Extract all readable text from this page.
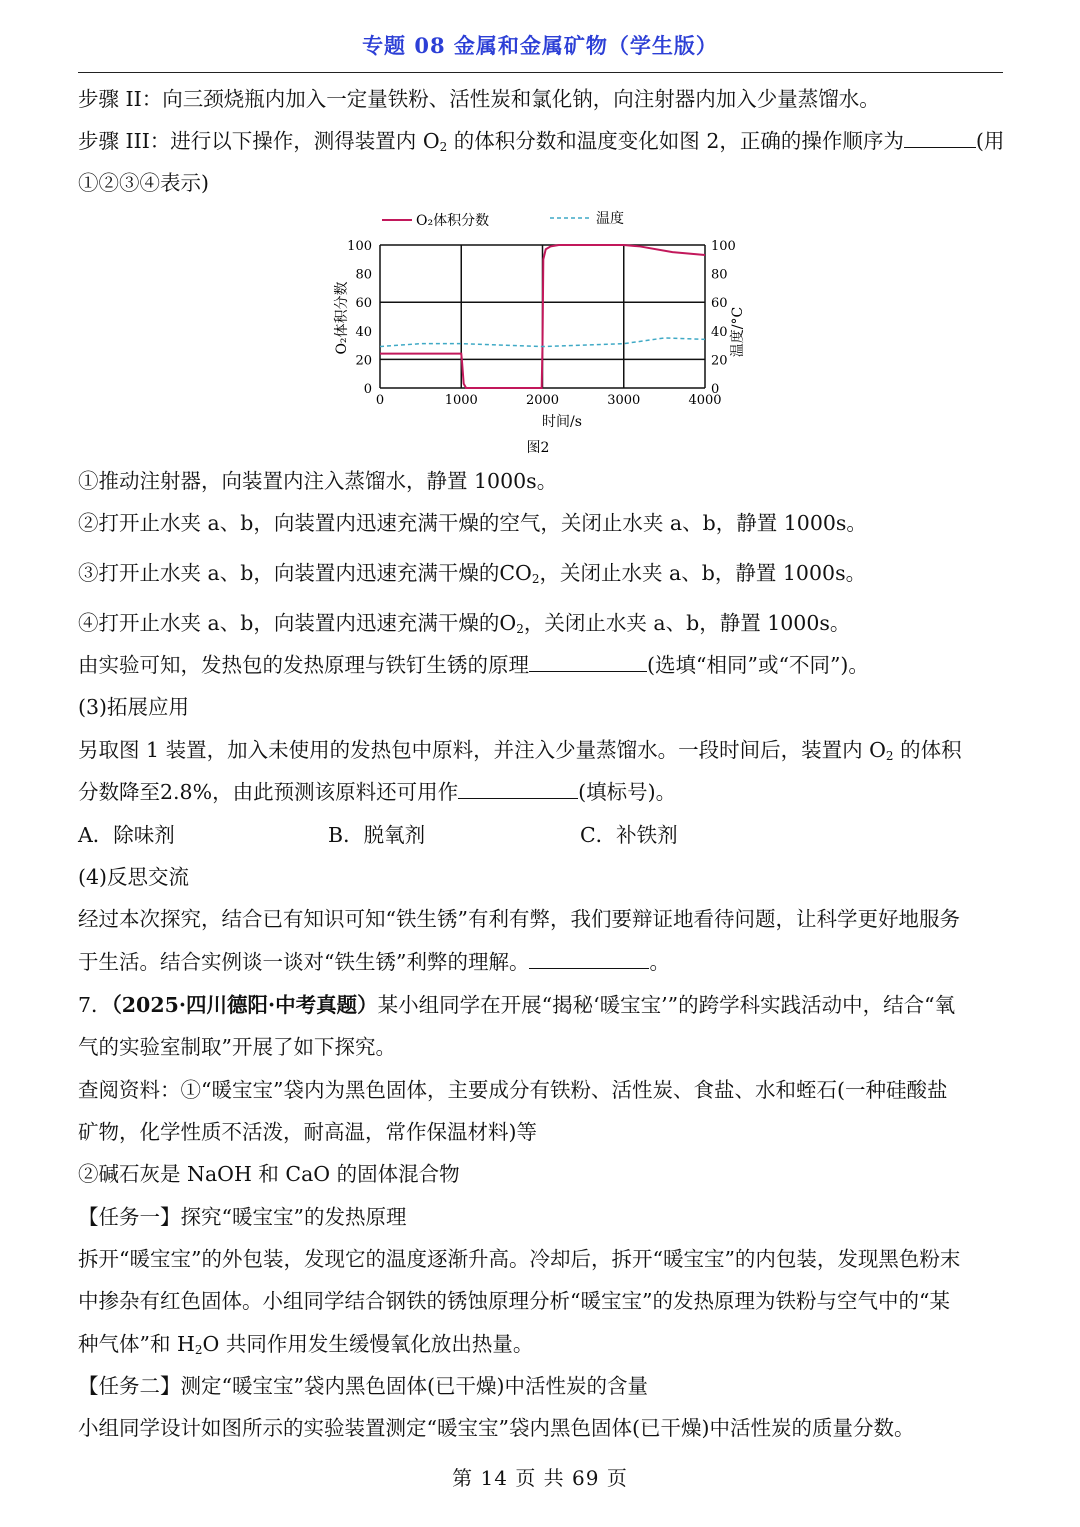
专题 08 金属和金属矿物（学生版）
步骤 II：向三颈烧瓶内加入一定量铁粉、活性炭和氯化钠，向注射器内加入少量蒸馏水。
步骤 III：进行以下操作，测得装置内 $O_2$ 的体积分数和温度变化如图 2，正确的操作顺序为	(用
①②③④表示)
O₂体积分数	温度
0	1000	2000	3000	4000
0
20
40
60
80
100
0
20
40
60
80
100
时间/s
O₂体积分数	温度/°C
图2
①推动注射器，向装置内注入蒸馏水，静置 1000s。
②打开止水夹 a、b，向装置内迅速充满干燥的空气，关闭止水夹 a、b，静置 1000s。
③打开止水夹 a、b，向装置内迅速充满干燥的$CO_2$，关闭止水夹 a、b，静置 1000s。
④打开止水夹 a、b，向装置内迅速充满干燥的$O_2$，关闭止水夹 a、b，静置 1000s。
由实验可知，发热包的发热原理与铁钉生锈的原理	(选填“相同”或“不同”)。
(3)拓展应用
另取图 1 装置，加入未使用的发热包中原料，并注入少量蒸馏水。一段时间后，装置内 $O_2$ 的体积
分数降至2.8%，由此预测该原料还可用作	(填标号)。
A．除味剂	B．脱氧剂	C．补铁剂
(4)反思交流
经过本次探究，结合已有知识可知“铁生锈”有利有弊，我们要辩证地看待问题，让科学更好地服务
于生活。结合实例谈一谈对“铁生锈”利弊的理解。	。
7．（2025·四川德阳·中考真题）某小组同学在开展“揭秘‘暖宝宝’”的跨学科实践活动中，结合“氧
气的实验室制取”开展了如下探究。
查阅资料：①“暖宝宝”袋内为黑色固体，主要成分有铁粉、活性炭、食盐、水和蛭石(一种硅酸盐
矿物，化学性质不活泼，耐高温，常作保温材料)等
②碱石灰是 NaOH 和 CaO 的固体混合物
【任务一】探究“暖宝宝”的发热原理
拆开“暖宝宝”的外包装，发现它的温度逐渐升高。冷却后，拆开“暖宝宝”的内包装，发现黑色粉末
中掺杂有红色固体。小组同学结合钢铁的锈蚀原理分析“暖宝宝”的发热原理为铁粉与空气中的“某
种气体”和 $H_2O$ 共同作用发生缓慢氧化放出热量。
【任务二】测定“暖宝宝”袋内黑色固体(已干燥)中活性炭的含量
小组同学设计如图所示的实验装置测定“暖宝宝”袋内黑色固体(已干燥)中活性炭的质量分数。
第 14 页 共 69 页
